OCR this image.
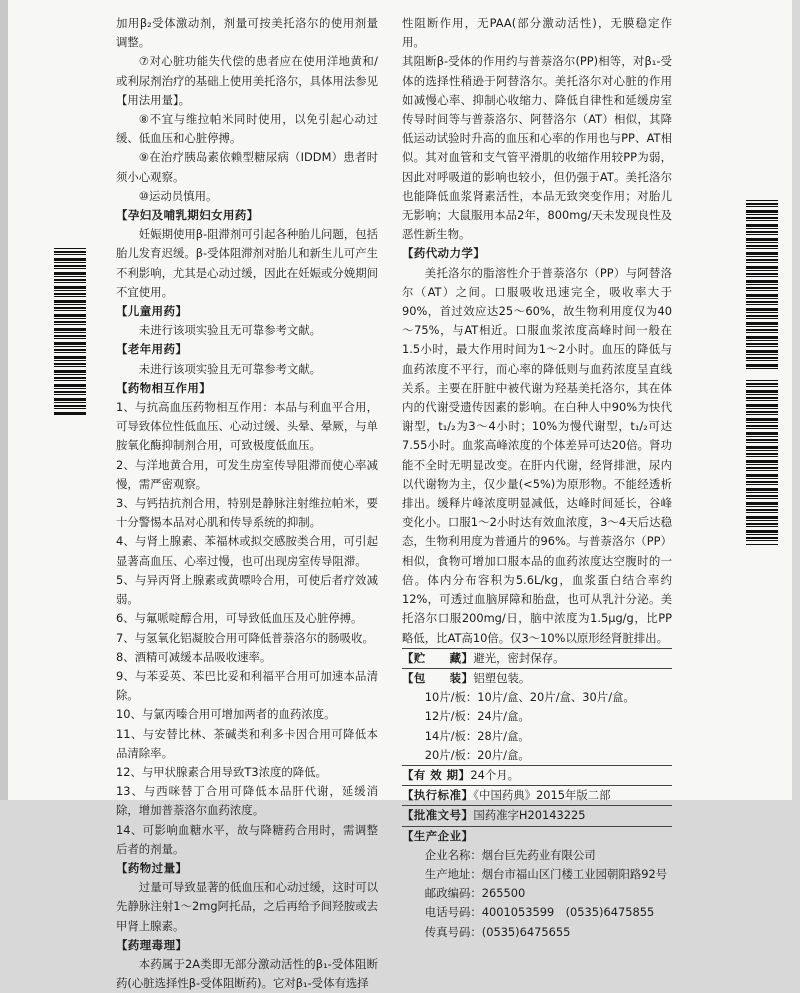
加用β₂受体激动剂，剂量可按美托洛尔的使用剂量调整。

⑦对心脏功能失代偿的患者应在使用洋地黄和/或利尿剂治疗的基础上使用美托洛尔，具体用法参见【用法用量】。

⑧不宜与维拉帕米同时使用，以免引起心动过缓、低血压和心脏停搏。

⑨在治疗胰岛素依赖型糖尿病（IDDM）患者时须小心观察。

⑩运动员慎用。

【孕妇及哺乳期妇女用药】

妊娠期使用β-阻滞剂可引起各种胎儿问题，包括胎儿发育迟缓。β-受体阻滞剂对胎儿和新生儿可产生不利影响，尤其是心动过缓，因此在妊娠或分娩期间不宜使用。

【儿童用药】

未进行该项实验且无可靠参考文献。

【老年用药】

未进行该项实验且无可靠参考文献。

【药物相互作用】

1、与抗高血压药物相互作用：本品与利血平合用，可导致体位性低血压、心动过缓、头晕、晕厥，与单胺氧化酶抑制剂合用，可致极度低血压。

2、与洋地黄合用，可发生房室传导阻滞而使心率减慢，需严密观察。

3、与钙拮抗剂合用，特别是静脉注射维拉帕米，要十分警惕本品对心肌和传导系统的抑制。

4、与肾上腺素、苯福林或拟交感胺类合用，可引起显著高血压、心率过慢，也可出现房室传导阻滞。

5、与异丙肾上腺素或黄嘌呤合用，可使后者疗效减弱。

6、与氟哌啶醇合用，可导致低血压及心脏停搏。

7、与氢氧化铝凝胶合用可降低普萘洛尔的肠吸收。

8、酒精可减缓本品吸收速率。

9、与苯妥英、苯巴比妥和利福平合用可加速本品清除。

10、与氯丙嗪合用可增加两者的血药浓度。

11、与安替比林、茶碱类和利多卡因合用可降低本品清除率。

12、与甲状腺素合用导致T3浓度的降低。

13、与西咪替丁合用可降低本品肝代谢，延缓消除，增加普萘洛尔血药浓度。

14、可影响血糖水平，故与降糖药合用时，需调整后者的剂量。

【药物过量】

过量可导致显著的低血压和心动过缓，这时可以先静脉注射1～2mg阿托品，之后再给予间羟胺或去甲肾上腺素。

【药理毒理】

本药属于2A类即无部分激动活性的β₁-受体阻断药(心脏选择性β-受体阻断药)。它对β₁-受体有选择

性阻断作用，无PAA(部分激动活性)，无膜稳定作用。

其阻断β-受体的作用约与普萘洛尔(PP)相等，对β₁-受体的选择性稍逊于阿替洛尔。美托洛尔对心脏的作用如减慢心率、抑制心收缩力、降低自律性和延缓房室传导时间等与普萘洛尔、阿替洛尔（AT）相似，其降低运动试验时升高的血压和心率的作用也与PP、AT相似。其对血管和支气管平滑肌的收缩作用较PP为弱，因此对呼吸道的影响也较小，但仍强于AT。美托洛尔也能降低血浆肾素活性，本品无致突变作用；对胎儿无影响；大鼠服用本品2年，800mg/天未发现良性及恶性新生物。

【药代动力学】

美托洛尔的脂溶性介于普萘洛尔（PP）与阿替洛尔（AT）之间。口服吸收迅速完全，吸收率大于90%，首过效应达25～60%，故生物利用度仅为40～75%，与AT相近。口服血浆浓度高峰时间一般在1.5小时，最大作用时间为1～2小时。血压的降低与血药浓度不平行，而心率的降低则与血药浓度呈直线关系。主要在肝脏中被代谢为羟基美托洛尔，其在体内的代谢受遗传因素的影响。在白种人中90%为快代谢型，t₁/₂为3～4小时；10%为慢代谢型，t₁/₂可达7.55小时。血浆高峰浓度的个体差异可达20倍。肾功能不全时无明显改变。在肝内代谢，经肾排泄，尿内以代谢物为主，仅少量(<5%)为原形物。不能经透析排出。缓释片峰浓度明显减低，达峰时间延长，谷峰变化小。口服1～2小时达有效血浓度，3～4天后达稳态，生物利用度为普通片的96%。与普萘洛尔（PP）相似，食物可增加口服本品的血药浓度达空腹时的一倍。体内分布容积为5.6L/kg，血浆蛋白结合率约12%，可透过血脑屏障和胎盘，也可从乳汁分泌。美托洛尔口服200mg/日，脑中浓度为1.5μg/g，比PP略低，比AT高10倍。仅3～10%以原形经肾脏排出。

【贮　　藏】避光，密封保存。

【包　　装】铝塑包装。

10片/板：10片/盒、20片/盒、30片/盒。

12片/板：24片/盒。

14片/板：28片/盒。

20片/板：20片/盒。

【有 效 期】24个月。

【执行标准】《中国药典》2015年版二部

【批准文号】国药准字H20143225

【生产企业】

企业名称：烟台巨先药业有限公司

生产地址：烟台市福山区门楼工业园朝阳路92号

邮政编码：265500

电话号码：4001053599　(0535)6475855

传真号码：(0535)6475655
